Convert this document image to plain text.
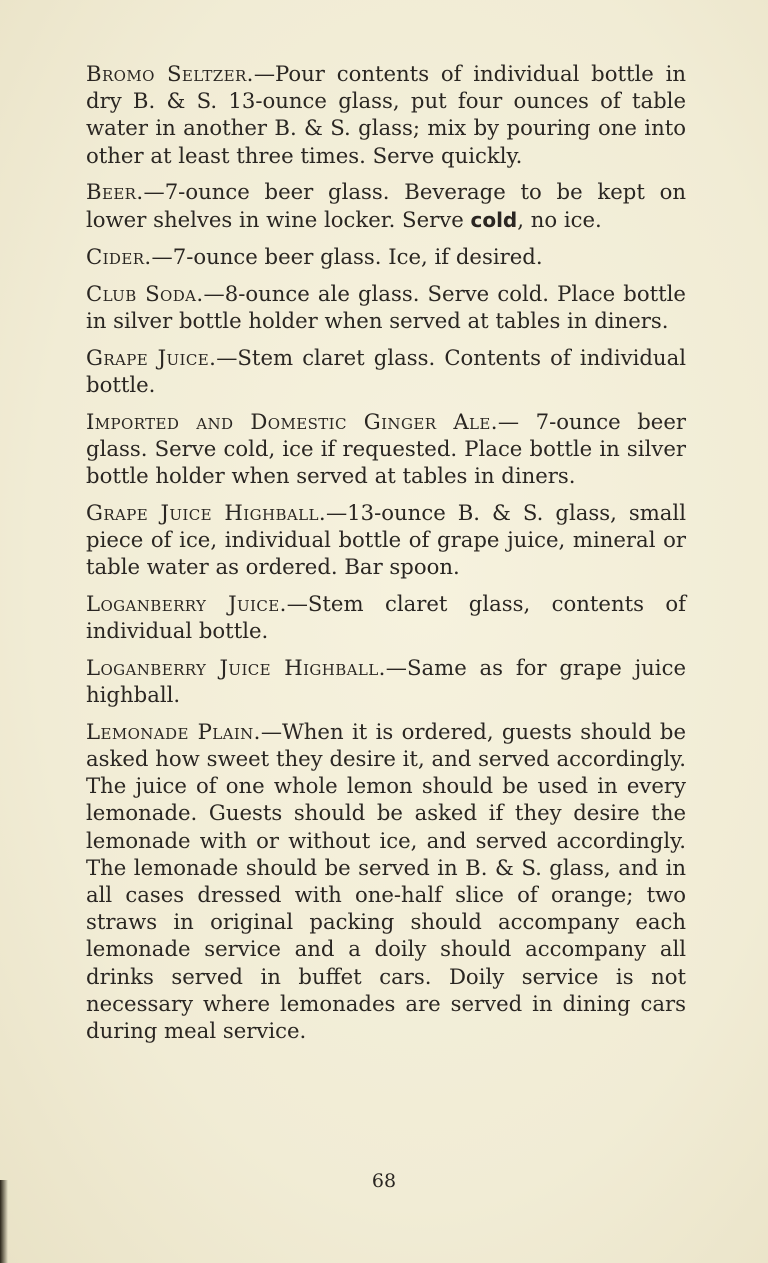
Bromo Seltzer.—Pour contents of individual bottle in dry B. & S. 13-ounce glass, put four ounces of table water in another B. & S. glass; mix by pouring one into other at least three times. Serve quickly.

Beer.—7-ounce beer glass. Beverage to be kept on lower shelves in wine locker. Serve cold, no ice.

Cider.—7-ounce beer glass. Ice, if desired.

Club Soda.—8-ounce ale glass. Serve cold. Place bottle in silver bottle holder when served at tables in diners.

Grape Juice.—Stem claret glass. Contents of individual bottle.

Imported and Domestic Ginger Ale.— 7-ounce beer glass. Serve cold, ice if requested. Place bottle in silver bottle holder when served at tables in diners.

Grape Juice Highball.—13-ounce B. & S. glass, small piece of ice, individual bottle of grape juice, mineral or table water as ordered. Bar spoon.

Loganberry Juice.—Stem claret glass, contents of individual bottle.

Loganberry Juice Highball.—Same as for grape juice highball.

Lemonade Plain.—When it is ordered, guests should be asked how sweet they desire it, and served accordingly. The juice of one whole lemon should be used in every lemonade. Guests should be asked if they desire the lemonade with or without ice, and served accordingly. The lemonade should be served in B. & S. glass, and in all cases dressed with one-half slice of orange; two straws in original packing should accompany each lemonade service and a doily should accompany all drinks served in buffet cars. Doily service is not necessary where lemonades are served in dining cars during meal service.

68
